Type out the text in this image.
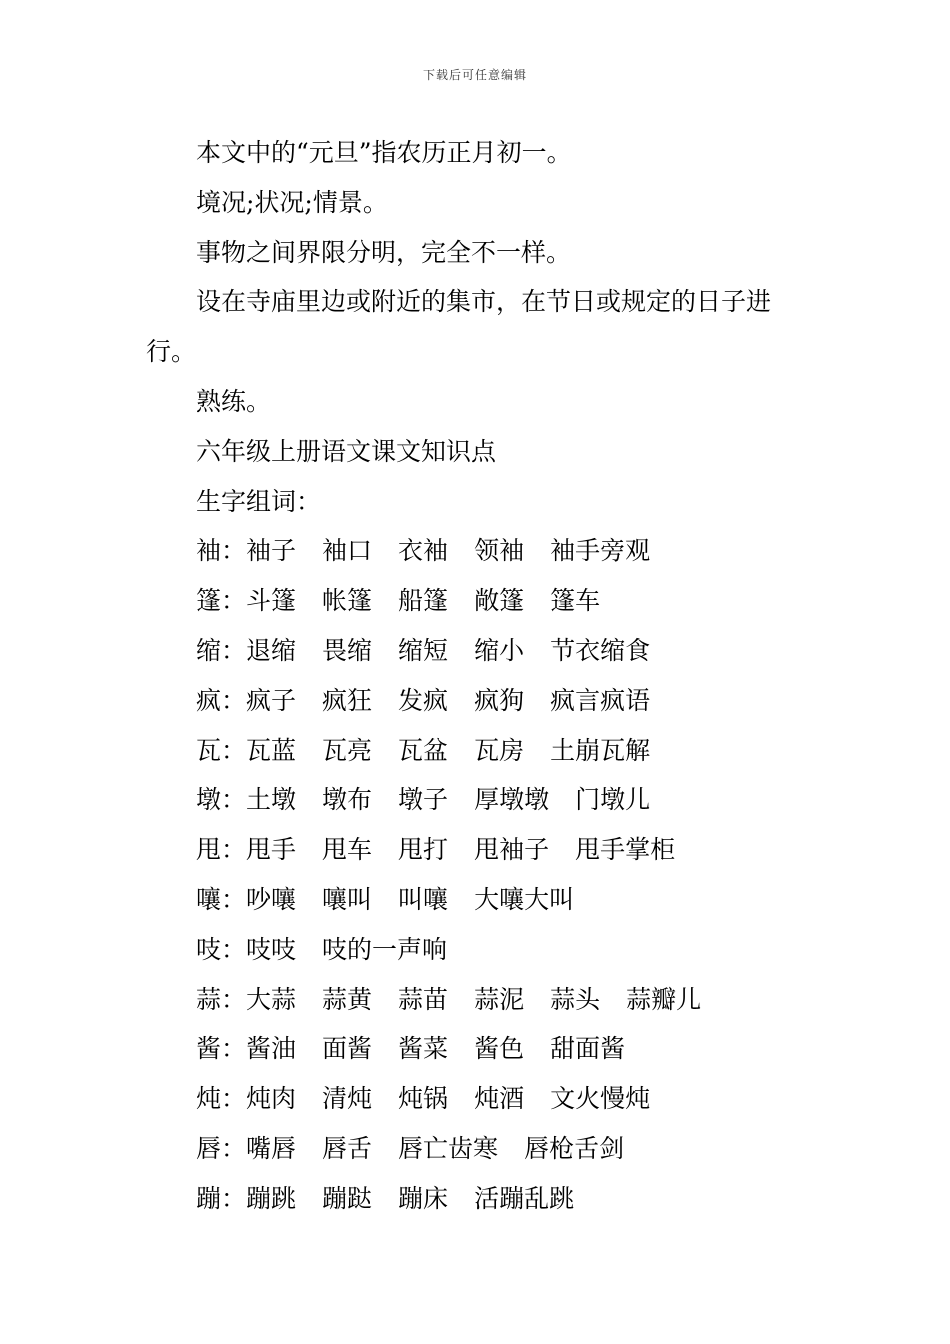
下载后可任意编辑

本文中的“元旦”指农历正月初一。

境况;状况;情景。

事物之间界限分明，完全不一样。

设在寺庙里边或附近的集市，在节日或规定的日子进行。

熟练。

六年级上册语文课文知识点

生字组词：

袖：袖子 袖口 衣袖 领袖 袖手旁观
篷：斗篷 帐篷 船篷 敞篷 篷车
缩：退缩 畏缩 缩短 缩小 节衣缩食
疯：疯子 疯狂 发疯 疯狗 疯言疯语
瓦：瓦蓝 瓦亮 瓦盆 瓦房 土崩瓦解
墩：土墩 墩布 墩子 厚墩墩 门墩儿
甩：甩手 甩车 甩打 甩袖子 甩手掌柜
嚷：吵嚷 嚷叫 叫嚷 大嚷大叫
吱：吱吱 吱的一声响
蒜：大蒜 蒜黄 蒜苗 蒜泥 蒜头 蒜瓣儿
酱：酱油 面酱 酱菜 酱色 甜面酱
炖：炖肉 清炖 炖锅 炖酒 文火慢炖
唇：嘴唇 唇舌 唇亡齿寒 唇枪舌剑
蹦：蹦跳 蹦跶 蹦床 活蹦乱跳
